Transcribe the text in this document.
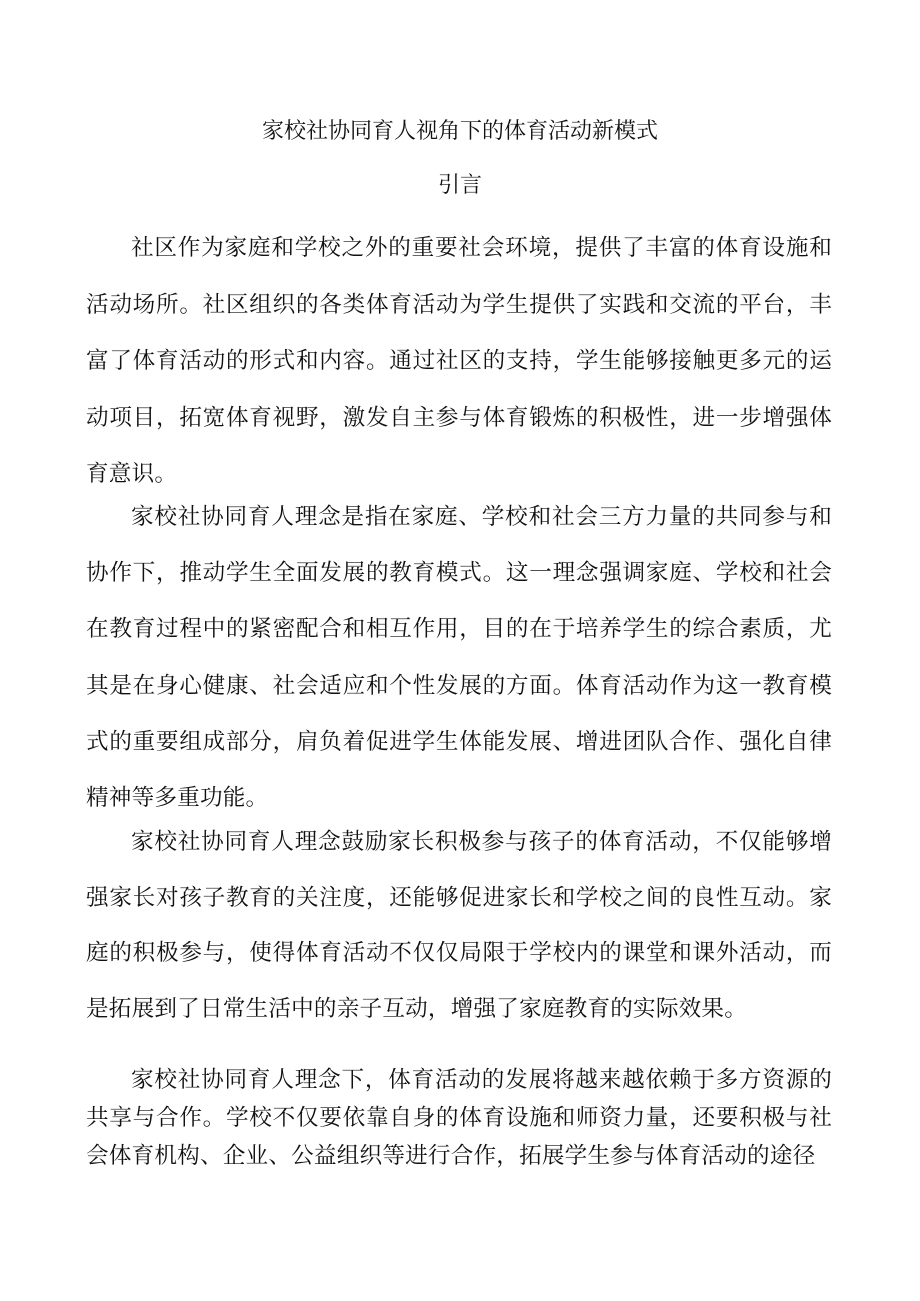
家校社协同育人视角下的体育活动新模式
引言

社区作为家庭和学校之外的重要社会环境，提供了丰富的体育设施和活动场所。社区组织的各类体育活动为学生提供了实践和交流的平台，丰富了体育活动的形式和内容。通过社区的支持，学生能够接触更多元的运动项目，拓宽体育视野，激发自主参与体育锻炼的积极性，进一步增强体育意识。

家校社协同育人理念是指在家庭、学校和社会三方力量的共同参与和协作下，推动学生全面发展的教育模式。这一理念强调家庭、学校和社会在教育过程中的紧密配合和相互作用，目的在于培养学生的综合素质，尤其是在身心健康、社会适应和个性发展的方面。体育活动作为这一教育模式的重要组成部分，肩负着促进学生体能发展、增进团队合作、强化自律精神等多重功能。

家校社协同育人理念鼓励家长积极参与孩子的体育活动，不仅能够增强家长对孩子教育的关注度，还能够促进家长和学校之间的良性互动。家庭的积极参与，使得体育活动不仅仅局限于学校内的课堂和课外活动，而是拓展到了日常生活中的亲子互动，增强了家庭教育的实际效果。

家校社协同育人理念下，体育活动的发展将越来越依赖于多方资源的共享与合作。学校不仅要依靠自身的体育设施和师资力量，还要积极与社会体育机构、企业、公益组织等进行合作，拓展学生参与体育活动的途径
